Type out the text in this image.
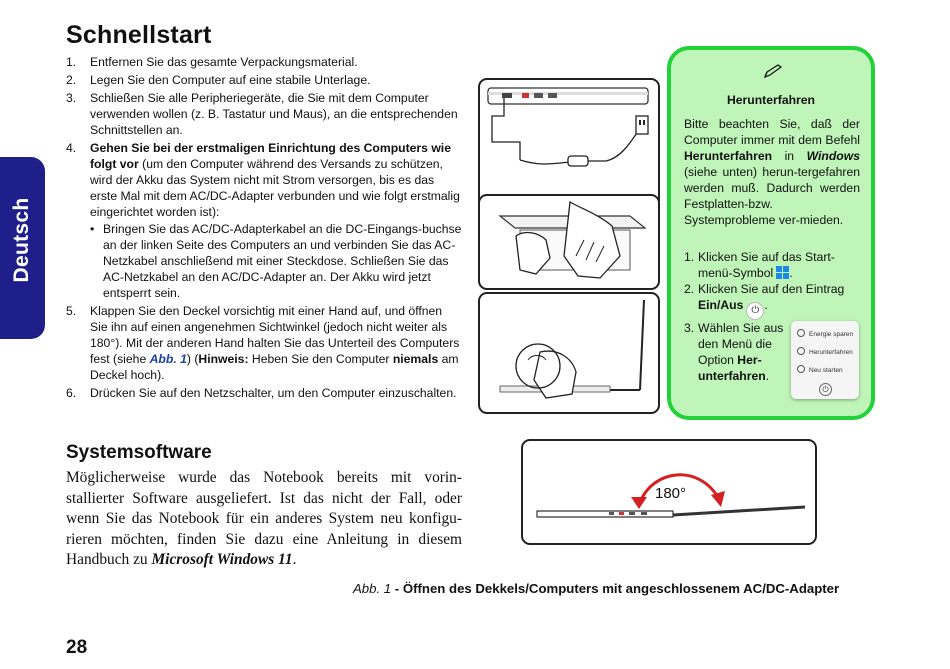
Schnellstart
Deutsch
1. Entfernen Sie das gesamte Verpackungsmaterial.
2. Legen Sie den Computer auf eine stabile Unterlage.
3. Schließen Sie alle Peripheriegeräte, die Sie mit dem Computer verwenden wollen (z. B. Tastatur und Maus), an die entsprechenden Schnittstellen an.
4. Gehen Sie bei der erstmaligen Einrichtung des Computers wie folgt vor (um den Computer während des Versands zu schützen, wird der Akku das System nicht mit Strom versorgen, bis es das erste Mal mit dem AC/DC-Adapter verbunden und wie folgt erstmalig eingerichtet worden ist):
• Bringen Sie das AC/DC-Adapterkabel an die DC-Eingangs-buchse an der linken Seite des Computers an und verbinden Sie das AC-Netzkabel anschließend mit einer Steckdose. Schließen Sie das AC-Netzkabel an den AC/DC-Adapter an. Der Akku wird jetzt entsperrt sein.
5. Klappen Sie den Deckel vorsichtig mit einer Hand auf, und öffnen Sie ihn auf einen angenehmen Sichtwinkel (jedoch nicht weiter als 180°). Mit der anderen Hand halten Sie das Unterteil des Computers fest (siehe Abb. 1) (Hinweis: Heben Sie den Computer niemals am Deckel hoch).
6. Drücken Sie auf den Netzschalter, um den Computer einzuschalten.
Systemsoftware
Möglicherweise wurde das Notebook bereits mit vorin-stallierter Software ausgeliefert. Ist das nicht der Fall, oder wenn Sie das Notebook für ein anderes System neu konfigu-rieren möchten, finden Sie dazu eine Anleitung in diesem Handbuch zu Microsoft Windows 11.
180°
Herunterfahren
Bitte beachten Sie, daß der Computer immer mit dem Befehl Herunterfahren in Windows (siehe unten) herun-tergefahren werden muß. Dadurch werden Festplatten-bzw. Systemprobleme ver-mieden.
1. Klicken Sie auf das Start-menü-Symbol .
2. Klicken Sie auf den Eintrag Ein/Aus ⏻ .
3. Wählen Sie aus den Menü die Option Her-unterfahren.
Energie sparen
Herunterfahren
Neu starten
⏻
Abb. 1 - Öffnen des Dekkels/Computers mit angeschlossenem AC/DC-Adapter
28
